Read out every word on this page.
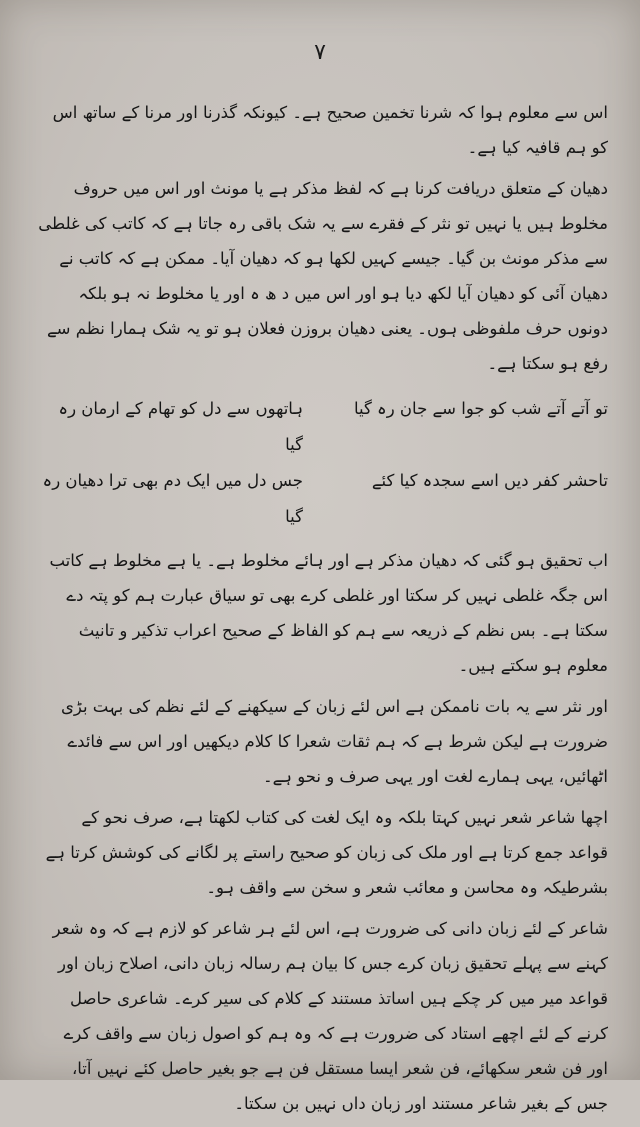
۷

اس سے معلوم ہوا کہ شرنا تخمین صحیح ہے۔ کیونکہ گذرنا اور مرنا کے ساتھ اس کو ہم قافیہ کیا ہے۔

دھیان کے متعلق دریافت کرنا ہے کہ لفظ مذکر ہے یا مونث اور اس میں حروف مخلوط ہیں یا نہیں تو نثر کے فقرے سے یہ شک باقی رہ جاتا ہے کہ کاتب کی غلطی سے مذکر مونث بن گیا۔ جیسے کہیں لکھا ہو کہ دھیان آیا۔ ممکن ہے کہ کاتب نے دھیان آئی کو دھیان آیا لکھ دیا ہو اور اس میں د ھ ہ اور یا مخلوط نہ ہو بلکہ دونوں حرف ملفوظی ہوں۔ یعنی دھیان بروزن فعلان ہو تو یہ شک ہمارا نظم سے رفع ہو سکتا ہے۔

تو آتے آتے شب کو جوا سے جان رہ گیا
ہاتھوں سے دل کو تھام کے ارمان رہ گیا
تاحشر کفر دیں اسے سجدہ کیا کئے
جس دل میں ایک دم بھی ترا دھیان رہ گیا

اب تحقیق ہو گئی کہ دھیان مذکر ہے اور ہائے مخلوط ہے۔ یا ہے مخلوط ہے کاتب اس جگہ غلطی نہیں کر سکتا اور غلطی کرے بھی تو سیاق عبارت ہم کو پتہ دے سکتا ہے۔ بس نظم کے ذریعہ سے ہم کو الفاظ کے صحیح اعراب تذکیر و تانیث معلوم ہو سکتے ہیں۔

اور نثر سے یہ بات ناممکن ہے اس لئے زبان کے سیکھنے کے لئے نظم کی بہت بڑی ضرورت ہے لیکن شرط ہے کہ ہم ثقات شعرا کا کلام دیکھیں اور اس سے فائدے اٹھائیں، یہی ہمارے لغت اور یہی صرف و نحو ہے۔

اچھا شاعر شعر نہیں کہتا بلکہ وہ ایک لغت کی کتاب لکھتا ہے، صرف نحو کے قواعد جمع کرتا ہے اور ملک کی زبان کو صحیح راستے پر لگانے کی کوشش کرتا ہے بشرطیکہ وہ محاسن و معائب شعر و سخن سے واقف ہو۔

شاعر کے لئے زبان دانی کی ضرورت ہے، اس لئے ہر شاعر کو لازم ہے کہ وہ شعر کہنے سے پہلے تحقیق زبان کرے جس کا بیان ہم رسالہ زبان دانی، اصلاح زبان اور قواعد میر میں کر چکے ہیں اساتذ مستند کے کلام کی سیر کرے۔ شاعری حاصل کرنے کے لئے اچھے استاد کی ضرورت ہے کہ وہ ہم کو اصول زبان سے واقف کرے اور فن شعر سکھائے، فن شعر ایسا مستقل فن ہے جو بغیر حاصل کئے نہیں آتا، جس کے بغیر شاعر مستند اور زبان داں نہیں بن سکتا۔
